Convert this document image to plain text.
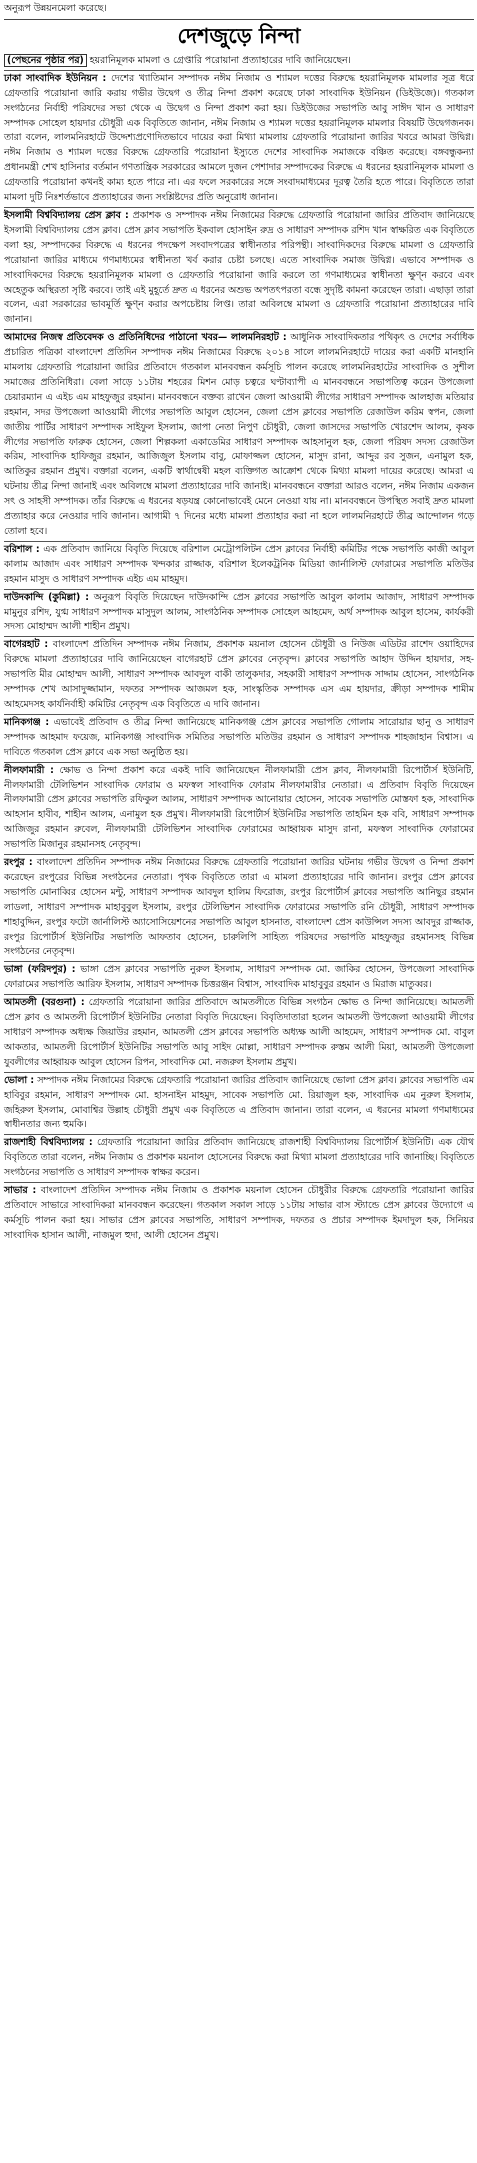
অনুরূপ উন্নয়নমেলা করেছে।

দেশজুড়ে নিন্দা

(পেছনের পৃষ্ঠার পর) হয়রানিমূলক মামলা ও গ্রেপ্তারি পরোয়ানা প্রত্যাহারের দাবি জানিয়েছেন।

ঢাকা সাংবাদিক ইউনিয়ন : দেশের খ্যাতিমান সম্পাদক নঈম নিজাম ও শ্যামল দত্তের বিরুদ্ধে হয়রানিমূলক মামলার সূত্র ধরে গ্রেফতারি পরোয়ানা জারি করায় গভীর উদ্বেগ ও তীব্র নিন্দা প্রকাশ করেছে ঢাকা সাংবাদিক ইউনিয়ন (ডিইউজে)। গতকাল সংগঠনের নির্বাহী পরিষদের সভা থেকে এ উদ্বেগ ও নিন্দা প্রকাশ করা হয়। ডিইউজের সভাপতি আবু সাঈদ খান ও সাধারণ সম্পাদক সোহেল হায়দার চৌধুরী এক বিবৃতিতে জানান, নঈম নিজাম ও শ্যামল দত্তের হয়রানিমূলক মামলার বিষয়টি উদ্বেগজনক। তারা বলেন, লালমনিরহাটে উদ্দেশ্যপ্রণোদিতভাবে দায়ের করা মিথ্যা মামলায় গ্রেফতারি পরোয়ানা জারির খবরে আমরা উদ্বিগ্ন। নঈম নিজাম ও শ্যামল দত্তের বিরুদ্ধে গ্রেফতারি পরোয়ানা ইস্যুতে দেশের সাংবাদিক সমাজকে বঞ্চিত করেছে। বঙ্গবন্ধুকন্যা প্রধানমন্ত্রী শেখ হাসিনার বর্তমান গণতান্ত্রিক সরকারের আমলে দুজন পেশাদার সম্পাদকের বিরুদ্ধে এ ধরনের হয়রানিমূলক মামলা ও গ্রেফতারি পরোয়ানা কখনই কাম্য হতে পারে না। এর ফলে সরকারের সঙ্গে সংবাদমাধ্যমের দূরত্ব তৈরি হতে পারে। বিবৃতিতে তারা মামলা দুটি নিঃশর্তভাবে প্রত্যাহারের জন্য সংশ্লিষ্টদের প্রতি অনুরোধ জানান।

ইসলামী বিশ্ববিদ্যালয় প্রেস ক্লাব : প্রকাশক ও সম্পাদক নঈম নিজামের বিরুদ্ধে গ্রেফতারি পরোয়ানা জারির প্রতিবাদ জানিয়েছে ইসলামী বিশ্ববিদ্যালয় প্রেস ক্লাব। প্রেস ক্লাব সভাপতি ইকবাল হোসাইন রুদ্র ও সাধারণ সম্পাদক রশিদ খান স্বাক্ষরিত এক বিবৃতিতে বলা হয়, সম্পাদকের বিরুদ্ধে এ ধরনের পদক্ষেপ সংবাদপত্রের স্বাধীনতার পরিপন্থী। সাংবাদিকদের বিরুদ্ধে মামলা ও গ্রেফতারি পরোয়ানা জারির মাধ্যমে গণমাধ্যমের স্বাধীনতা খর্ব করার চেষ্টা চলছে। এতে সাংবাদিক সমাজ উদ্বিগ্ন। এভাবে সম্পাদক ও সাংবাদিকদের বিরুদ্ধে হয়রানিমূলক মামলা ও গ্রেফতারি পরোয়ানা জারি করলে তা গণমাধ্যমের স্বাধীনতা ক্ষুণ্ন করবে এবং অহেতুক অস্থিরতা সৃষ্টি করবে। তাই এই মুহূর্তে দ্রুত এ ধরনের অশুভ অপতৎপরতা বন্ধে সুদৃষ্টি কামনা করেছেন তারা। এছাড়া তারা বলেন, এরা সরকারের ভাবমূর্তি ক্ষুণ্ন করার অপচেষ্টায় লিপ্ত। তারা অবিলম্বে মামলা ও গ্রেফতারি পরোয়ানা প্রত্যাহারের দাবি জানান।

আমাদের নিজস্ব প্রতিবেদক ও প্রতিনিধিদের পাঠানো খবর— লালমনিরহাট : আধুনিক সাংবাদিকতার পথিকৃৎ ও দেশের সর্বাধিক প্রচারিত পত্রিকা বাংলাদেশ প্রতিদিন সম্পাদক নঈম নিজামের বিরুদ্ধে ২০১৪ সালে লালমনিরহাটে দায়ের করা একটি মানহানি মামলায় গ্রেফতারি পরোয়ানা জারির প্রতিবাদে গতকাল মানববন্ধন কর্মসূচি পালন করেছে লালমনিরহাটের সাংবাদিক ও সুশীল সমাজের প্রতিনিধিরা। বেলা সাড়ে ১১টায় শহরের মিশন মোড় চত্বরে ঘণ্টাব্যাপী এ মানববন্ধনে সভাপতিত্ব করেন উপজেলা চেয়ারম্যান এ এইচ এম মাহফুজুর রহমান। মানববন্ধনে বক্তব্য রাখেন জেলা আওয়ামী লীগের সাধারণ সম্পাদক আলহাজ মতিয়ার রহমান, সদর উপজেলা আওয়ামী লীগের সভাপতি আবুল হোসেন, জেলা প্রেস ক্লাবের সভাপতি রেজাউল করিম স্বপন, জেলা জাতীয় পার্টির সাধারণ সম্পাদক সাইফুল ইসলাম, জাপা নেতা নিপুণ চৌধুরী, জেলা জাসদের সভাপতি খোরশেদ আলম, কৃষক লীগের সভাপতি ফারুক হোসেন, জেলা শিল্পকলা একাডেমির সাধারণ সম্পাদক আহসানুল হক, জেলা পরিষদ সদস্য রেজাউল করিম, সাংবাদিক হাফিজুর রহমান, আজিজুল ইসলাম বাবু, মোফাজ্জল হোসেন, মাসুদ রানা, আব্দুর রব সুজন, এনামুল হক, আতিকুর রহমান প্রমুখ। বক্তারা বলেন, একটি স্বার্থান্বেষী মহল ব্যক্তিগত আক্রোশ থেকে মিথ্যা মামলা দায়ের করেছে। আমরা এ ঘটনায় তীব্র নিন্দা জানাই এবং অবিলম্বে মামলা প্রত্যাহারের দাবি জানাই। মানববন্ধনে বক্তারা আরও বলেন, নঈম নিজাম একজন সৎ ও সাহসী সম্পাদক। তাঁর বিরুদ্ধে এ ধরনের ষড়যন্ত্র কোনোভাবেই মেনে নেওয়া যায় না। মানববন্ধনে উপস্থিত সবাই দ্রুত মামলা প্রত্যাহার করে নেওয়ার দাবি জানান। আগামী ৭ দিনের মধ্যে মামলা প্রত্যাহার করা না হলে লালমনিরহাটে তীব্র আন্দোলন গড়ে তোলা হবে।

বরিশাল : এক প্রতিবাদ জানিয়ে বিবৃতি দিয়েছে বরিশাল মেট্রোপলিটন প্রেস ক্লাবের নির্বাহী কমিটির পক্ষে সভাপতি কাজী আবুল কালাম আজাদ এবং সাধারণ সম্পাদক খন্দকার রাজ্জাক, বরিশাল ইলেকট্রনিক মিডিয়া জার্নালিস্ট ফোরামের সভাপতি মতিউর রহমান মাসুদ ও সাধারণ সম্পাদক এইচ এম মাহমুদ।

দাউদকান্দি (কুমিল্লা) : অনুরূপ বিবৃতি দিয়েছেন দাউদকান্দি প্রেস ক্লাবের সভাপতি আবুল কালাম আজাদ, সাধারণ সম্পাদক মামুনুর রশিদ, যুগ্ম সাধারণ সম্পাদক মাসুদুল আলম, সাংগঠনিক সম্পাদক সোহেল আহমেদ, অর্থ সম্পাদক আবুল হাসেম, কার্যকরী সদস্য মোহাম্মদ আলী শাহীন প্রমুখ।

বাগেরহাট : বাংলাদেশ প্রতিদিন সম্পাদক নঈম নিজাম, প্রকাশক ময়নাল হোসেন চৌধুরী ও নিউজ এডিটর রাশেদ ওয়াহিদের বিরুদ্ধে মামলা প্রত্যাহারের দাবি জানিয়েছেন বাগেরহাট প্রেস ক্লাবের নেতৃবৃন্দ। ক্লাবের সভাপতি আহাদ উদ্দিন হায়দার, সহ-সভাপতি মীর মোহাম্মদ আলী, সাধারণ সম্পাদক আবদুল বাকী তালুকদার, সহকারী সাধারণ সম্পাদক সাদ্দাম হোসেন, সাংগঠনিক সম্পাদক শেখ আসাদুজ্জামান, দফতর সম্পাদক আজমল হক, সাংস্কৃতিক সম্পাদক এস এম হায়দার, ক্রীড়া সম্পাদক শামীম আহমেদসহ কার্যনির্বাহী কমিটির নেতৃবৃন্দ এক বিবৃতিতে এ দাবি জানান।

মানিকগঞ্জ : এভাবেই প্রতিবাদ ও তীব্র নিন্দা জানিয়েছে মানিকগঞ্জ প্রেস ক্লাবের সভাপতি গোলাম সারোয়ার ছানু ও সাধারণ সম্পাদক আহমাদ ফয়েজ, মানিকগঞ্জ সাংবাদিক সমিতির সভাপতি মতিউর রহমান ও সাধারণ সম্পাদক শাহজাহান বিশ্বাস। এ দাবিতে গতকাল প্রেস ক্লাবে এক সভা অনুষ্ঠিত হয়।

নীলফামারী : ক্ষোভ ও নিন্দা প্রকাশ করে একই দাবি জানিয়েছেন নীলফামারী প্রেস ক্লাব, নীলফামারী রিপোর্টার্স ইউনিটি, নীলফামারী টেলিভিশন সাংবাদিক ফোরাম ও মফস্বল সাংবাদিক ফোরাম নীলফামারীর নেতারা। এ প্রতিবাদ বিবৃতি দিয়েছেন নীলফামারী প্রেস ক্লাবের সভাপতি রফিকুল আলম, সাধারণ সম্পাদক আনোয়ার হোসেন, সাবেক সভাপতি মোস্তফা হক, সাংবাদিক আহসান হাবীব, শাহীন আলম, এনামুল হক প্রমুখ। নীলফামারী রিপোর্টার্স ইউনিটির সভাপতি তাহমিন হক ববি, সাধারণ সম্পাদক আজিজুর রহমান রুবেল, নীলফামারী টেলিভিশন সাংবাদিক ফোরামের আহ্বায়ক মাসুদ রানা, মফস্বল সাংবাদিক ফোরামের সভাপতি মিজানুর রহমানসহ নেতৃবৃন্দ।

রংপুর : বাংলাদেশ প্রতিদিন সম্পাদক নঈম নিজামের বিরুদ্ধে গ্রেফতারি পরোয়ানা জারির ঘটনায় গভীর উদ্বেগ ও নিন্দা প্রকাশ করেছেন রংপুরের বিভিন্ন সংগঠনের নেতারা। পৃথক বিবৃতিতে তারা এ মামলা প্রত্যাহারের দাবি জানান। রংপুর প্রেস ক্লাবের সভাপতি মোনাব্বির হোসেন মন্টু, সাধারণ সম্পাদক আবদুল হালিম ফিরোজ, রংপুর রিপোর্টার্স ক্লাবের সভাপতি আনিছুর রহমান লাডলা, সাধারণ সম্পাদক মাহাবুবুল ইসলাম, রংপুর টেলিভিশন সাংবাদিক ফোরামের সভাপতি রনি চৌধুরী, সাধারণ সম্পাদক শাহাবুদ্দিন, রংপুর ফটো জার্নালিস্ট অ্যাসোসিয়েশনের সভাপতি আবুল হাসনাত, বাংলাদেশ প্রেস কাউন্সিল সদস্য আবদুর রাজ্জাক, রংপুর রিপোর্টার্স ইউনিটির সভাপতি আফতাব হোসেন, চারুলিপি সাহিত্য পরিষদের সভাপতি মাহফুজুর রহমানসহ বিভিন্ন সংগঠনের নেতৃবৃন্দ।

ভাঙ্গা (ফরিদপুর) : ভাঙ্গা প্রেস ক্লাবের সভাপতি নুরুল ইসলাম, সাধারণ সম্পাদক মো. জাকির হোসেন, উপজেলা সাংবাদিক ফোরামের সভাপতি আরিফ ইসলাম, সাধারণ সম্পাদক চিত্তরঞ্জন বিশ্বাস, সাংবাদিক মাহাবুবুর রহমান ও মিরাজ মাতুব্বর।

আমতলী (বরগুনা) : গ্রেফতারি পরোয়ানা জারির প্রতিবাদে আমতলীতে বিভিন্ন সংগঠন ক্ষোভ ও নিন্দা জানিয়েছে। আমতলী প্রেস ক্লাব ও আমতলী রিপোর্টার্স ইউনিটির নেতারা বিবৃতি দিয়েছেন। বিবৃতিদাতারা হলেন আমতলী উপজেলা আওয়ামী লীগের সাধারণ সম্পাদক অধ্যক্ষ জিয়াউর রহমান, আমতলী প্রেস ক্লাবের সভাপতি অধ্যক্ষ আলী আহমেদ, সাধারণ সম্পাদক মো. বাবুল আকতার, আমতলী রিপোর্টার্স ইউনিটির সভাপতি আবু সাইদ মোল্লা, সাধারণ সম্পাদক রুস্তম আলী মিয়া, আমতলী উপজেলা যুবলীগের আহ্বায়ক আবুল হোসেন রিপন, সাংবাদিক মো. নজরুল ইসলাম প্রমুখ।

ভোলা : সম্পাদক নঈম নিজামের বিরুদ্ধে গ্রেফতারি পরোয়ানা জারির প্রতিবাদ জানিয়েছে ভোলা প্রেস ক্লাব। ক্লাবের সভাপতি এম হাবিবুর রহমান, সাধারণ সম্পাদক মো. হাসনাইন মাহমুদ, সাবেক সভাপতি মো. রিয়াজুল হক, সাংবাদিক এম নুরুল ইসলাম, জহিরুল ইসলাম, মোবাশ্বির উল্লাহ চৌধুরী প্রমুখ এক বিবৃতিতে এ প্রতিবাদ জানান। তারা বলেন, এ ধরনের মামলা গণমাধ্যমের স্বাধীনতার জন্য হুমকি।

রাজশাহী বিশ্ববিদ্যালয় : গ্রেফতারি পরোয়ানা জারির প্রতিবাদ জানিয়েছে রাজশাহী বিশ্ববিদ্যালয় রিপোর্টার্স ইউনিটি। এক যৌথ বিবৃতিতে তারা বলেন, নঈম নিজাম ও প্রকাশক ময়নাল হোসেনের বিরুদ্ধে করা মিথ্যা মামলা প্রত্যাহারের দাবি জানাচ্ছি। বিবৃতিতে সংগঠনের সভাপতি ও সাধারণ সম্পাদক স্বাক্ষর করেন।

সাভার : বাংলাদেশ প্রতিদিন সম্পাদক নঈম নিজাম ও প্রকাশক ময়নাল হোসেন চৌধুরীর বিরুদ্ধে গ্রেফতারি পরোয়ানা জারির প্রতিবাদে সাভারে সাংবাদিকরা মানববন্ধন করেছেন। গতকাল সকাল সাড়ে ১১টায় সাভার বাস স্ট্যান্ডে প্রেস ক্লাবের উদ্যোগে এ কর্মসূচি পালন করা হয়। সাভার প্রেস ক্লাবের সভাপতি, সাধারণ সম্পাদক, দফতর ও প্রচার সম্পাদক ইমদাদুল হক, সিনিয়র সাংবাদিক হাসান আলী, নাজমুল হুদা, আলী হোসেন প্রমুখ।
